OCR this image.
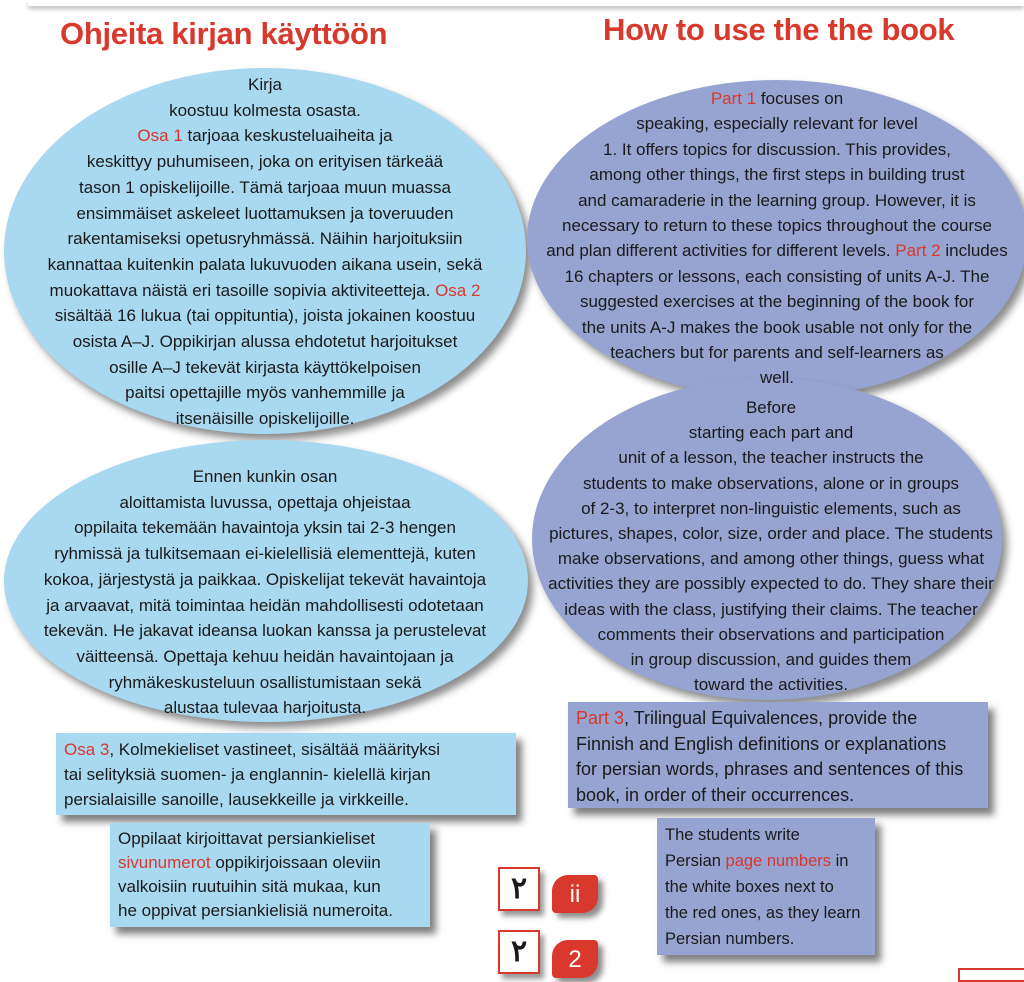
Ohjeita kirjan käyttöön	How to use the the book
Kirja
koostuu kolmesta osasta.
Osa 1 tarjoaa keskusteluaiheita ja
keskittyy puhumiseen, joka on erityisen tärkeää
tason 1 opiskelijoille. Tämä tarjoaa muun muassa
ensimmäiset askeleet luottamuksen ja toveruuden
rakentamiseksi opetusryhmässä. Näihin harjoituksiin
kannattaa kuitenkin palata lukuvuoden aikana usein, sekä
muokattava näistä eri tasoille sopivia aktiviteetteja. Osa 2
sisältää 16 lukua (tai oppituntia), joista jokainen koostuu
osista A–J. Oppikirjan alussa ehdotetut harjoitukset
osille A–J tekevät kirjasta käyttökelpoisen
paitsi opettajille myös vanhemmille ja
itsenäisille opiskelijoille.
Ennen kunkin osan
aloittamista luvussa, opettaja ohjeistaa
oppilaita tekemään havaintoja yksin tai 2-3 hengen
ryhmissä ja tulkitsemaan ei-kielellisiä elementtejä, kuten
kokoa, järjestystä ja paikkaa. Opiskelijat tekevät havaintoja
ja arvaavat, mitä toimintaa heidän mahdollisesti odotetaan
tekevän. He jakavat ideansa luokan kanssa ja perustelevat
väitteensä. Opettaja kehuu heidän havaintojaan ja
ryhmäkeskusteluun osallistumistaan sekä
alustaa tulevaa harjoitusta.
Part 1 focuses on
speaking, especially relevant for level
1. It offers topics for discussion. This provides,
among other things, the first steps in building trust
and camaraderie in the learning group. However, it is
necessary to return to these topics throughout the course
and plan different activities for different levels. Part 2 includes
16 chapters or lessons, each consisting of units A-J. The
suggested exercises at the beginning of the book for
the units A-J makes the book usable not only for the
teachers but for parents and self-learners as
well.
Before
starting each part and
unit of a lesson, the teacher instructs the
students to make observations, alone or in groups
of 2-3, to interpret non-linguistic elements, such as
pictures, shapes, color, size, order and place. The students
make observations, and among other things, guess what
activities they are possibly expected to do. They share their
ideas with the class, justifying their claims. The teacher
comments their observations and participation
in group discussion, and guides them
toward the activities.
Osa 3, Kolmekieliset vastineet, sisältää määrityksi
tai selityksiä suomen- ja englannin- kielellä kirjan
persialaisille sanoille, lausekkeille ja virkkeille.
Oppilaat kirjoittavat persiankieliset
sivunumerot oppikirjoissaan oleviin
valkoisiin ruutuihin sitä mukaa, kun
he oppivat persiankielisiä numeroita.
Part 3, Trilingual Equivalences, provide the
Finnish and English definitions or explanations
for persian words, phrases and sentences of this
book, in order of their occurrences.
The students write
Persian page numbers in
the white boxes next to
the red ones, as they learn
Persian numbers.
٢	ii
٢	2
